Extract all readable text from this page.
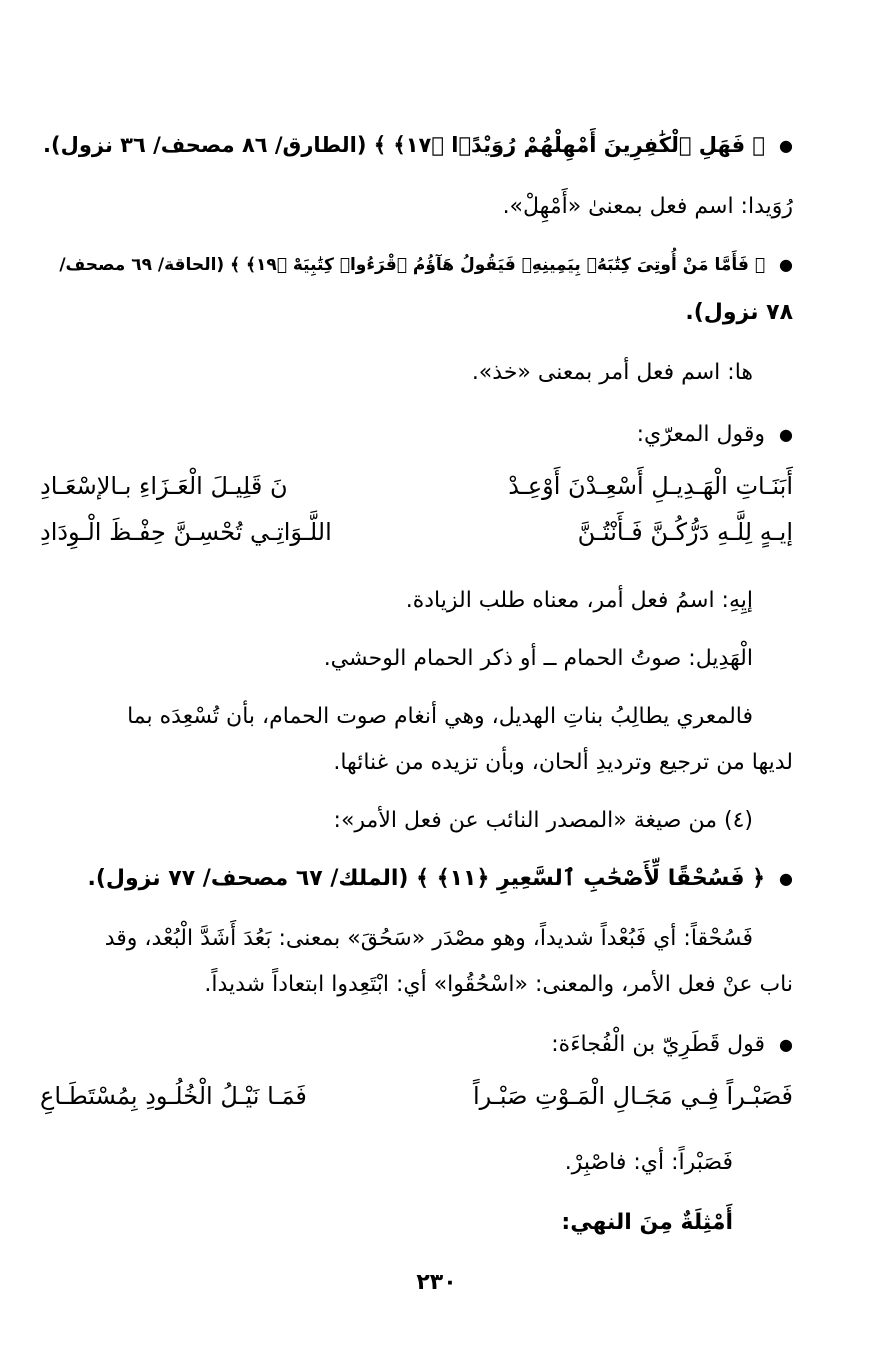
● ﴿ فَهَلِ ٱلْكَٰفِرِينَ أَمْهِلْهُمْ رُوَيْدًۢا ﴿١٧﴾ ﴾ (الطارق/ ٨٦ مصحف/ ٣٦ نزول).
رُوَيدا: اسم فعل بمعنىٰ «أَمْهِلْ».
● ﴿ فَأَمَّا مَنْ أُوتِىَ كِتَٰبَهُۥ بِيَمِينِهِۦ فَيَقُولُ هَآؤُمُ ٱقْرَءُوا۟ كِتَٰبِيَهْ ﴿١٩﴾ ﴾ (الحاقة/ ٦٩ مصحف/
٧٨ نزول).
ها: اسم فعل أمر بمعنى «خذ».
● وقول المعرّي:
أَبَنَـاتِ الْهَـدِيـلِ أَسْعِـدْنَ أَوْعِـدْ
نَ قَلِيـلَ الْعَـزَاءِ بـالإسْعَـادِ
إيـهٍ لِلَّـهِ دَرُّكُـنَّ فَـأَنْتُـنَّ
اللَّـوَاتِـي تُحْسِـنَّ حِفْـظَ الْـوِدَادِ
إيِهِ: اسمُ فعل أمر، معناه طلب الزيادة.
الْهَدِيل: صوتُ الحمام ــ أو ذكر الحمام الوحشي.
فالمعري يطالِبُ بناتِ الهديل، وهي أنغام صوت الحمام، بأن تُسْعِدَه بما
لديها من ترجيع وترديدِ ألحان، وبأن تزيده من غنائها.
(٤) من صيغة «المصدر النائب عن فعل الأمر»:
● ﴿ فَسُحْقًا لِّأَصْحَٰبِ ٱلسَّعِيرِ ﴿١١﴾ ﴾ (الملك/ ٦٧ مصحف/ ٧٧ نزول).
فَسُحْقاً: أي فَبُعْداً شديداً، وهو مصْدَر «سَحُقَ» بمعنى: بَعُدَ أَشَدَّ الْبُعْد، وقد
ناب عنْ فعل الأمر، والمعنى: «اسْحُقُوا» أي: ابْتَعِدوا ابتعاداً شديداً.
● قول قَطَرِيّ بن الْفُجاءَة:
فَصَبْـراً فِـي مَجَـالِ الْمَـوْتِ صَبْـراً
فَمَـا نَيْـلُ الْخُلُـودِ بِمُسْتَطَـاعِ
فَصَبْراً: أي: فاصْبِرْ.
أَمْثِلَةٌ مِنَ النهي:
٢٣٠
